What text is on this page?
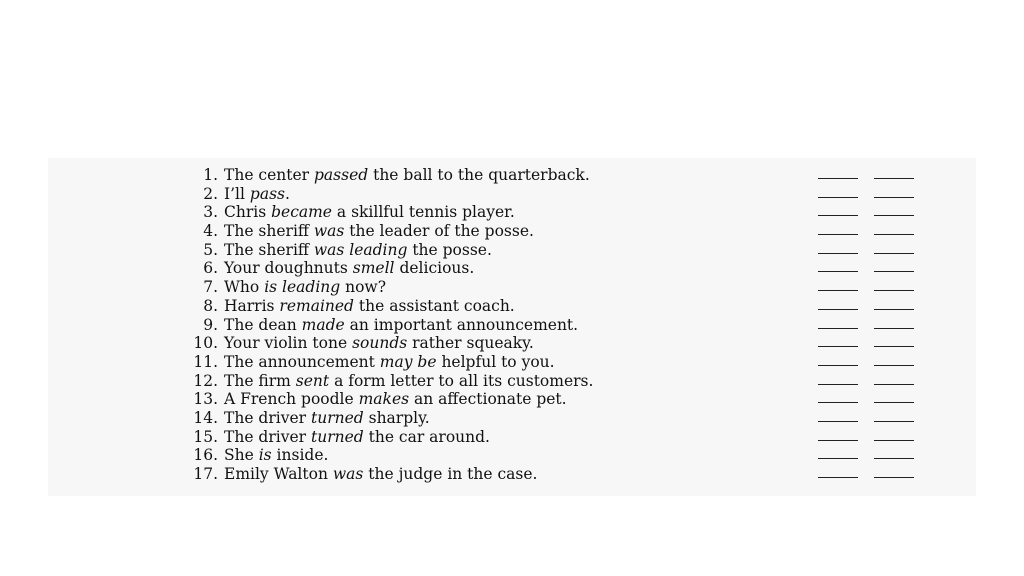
1. The center passed the ball to the quarterback.
2. I’ll pass.
3. Chris became a skillful tennis player.
4. The sheriff was the leader of the posse.
5. The sheriff was leading the posse.
6. Your doughnuts smell delicious.
7. Who is leading now?
8. Harris remained the assistant coach.
9. The dean made an important announcement.
10. Your violin tone sounds rather squeaky.
11. The announcement may be helpful to you.
12. The firm sent a form letter to all its customers.
13. A French poodle makes an affectionate pet.
14. The driver turned sharply.
15. The driver turned the car around.
16. She is inside.
17. Emily Walton was the judge in the case.
